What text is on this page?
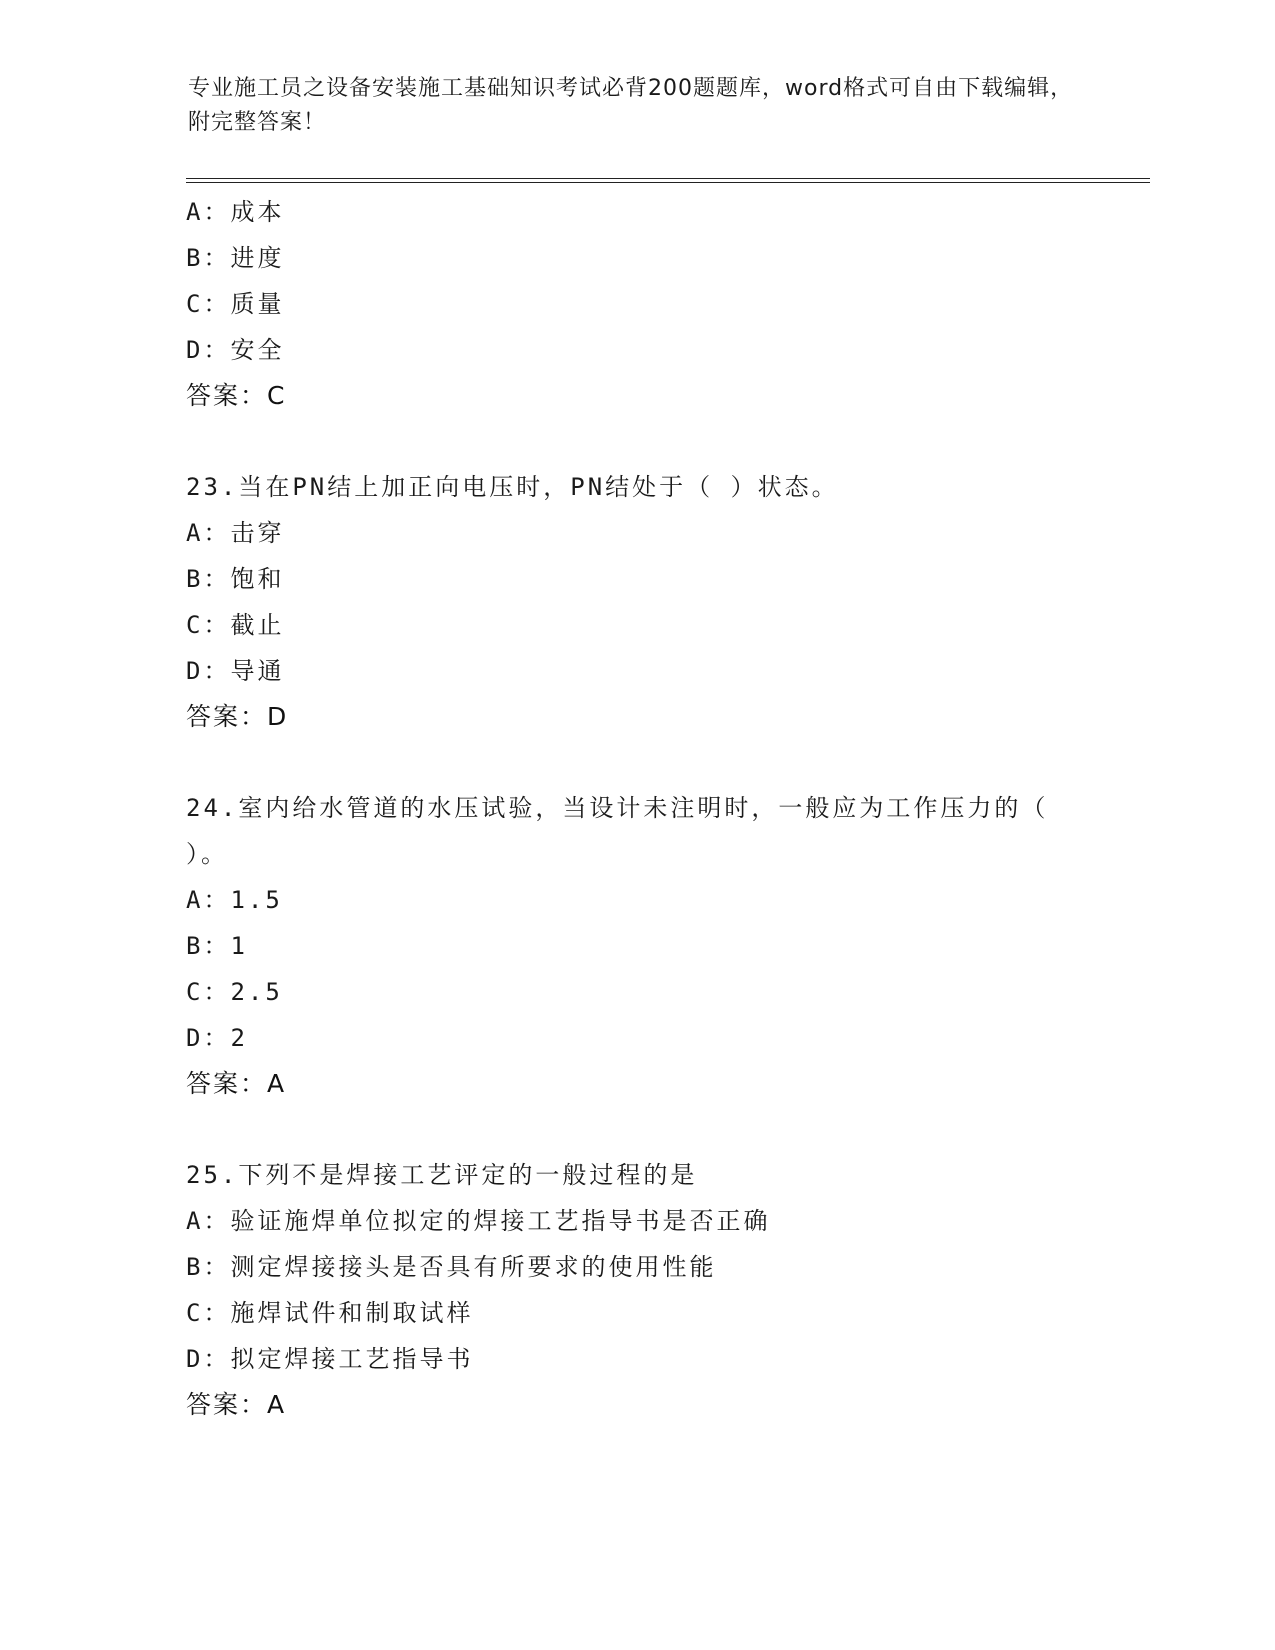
专业施工员之设备安装施工基础知识考试必背200题题库，word格式可自由下载编辑，附完整答案！
A：成本
B：进度
C：质量
D：安全
答案：C
23.当在PN结上加正向电压时，PN结处于（ ）状态。
A：击穿
B：饱和
C：截止
D：导通
答案：D
24.室内给水管道的水压试验，当设计未注明时，一般应为工作压力的（ ）。
A：1.5
B：1
C：2.5
D：2
答案：A
25.下列不是焊接工艺评定的一般过程的是
A：验证施焊单位拟定的焊接工艺指导书是否正确
B：测定焊接接头是否具有所要求的使用性能
C：施焊试件和制取试样
D：拟定焊接工艺指导书
答案：A
